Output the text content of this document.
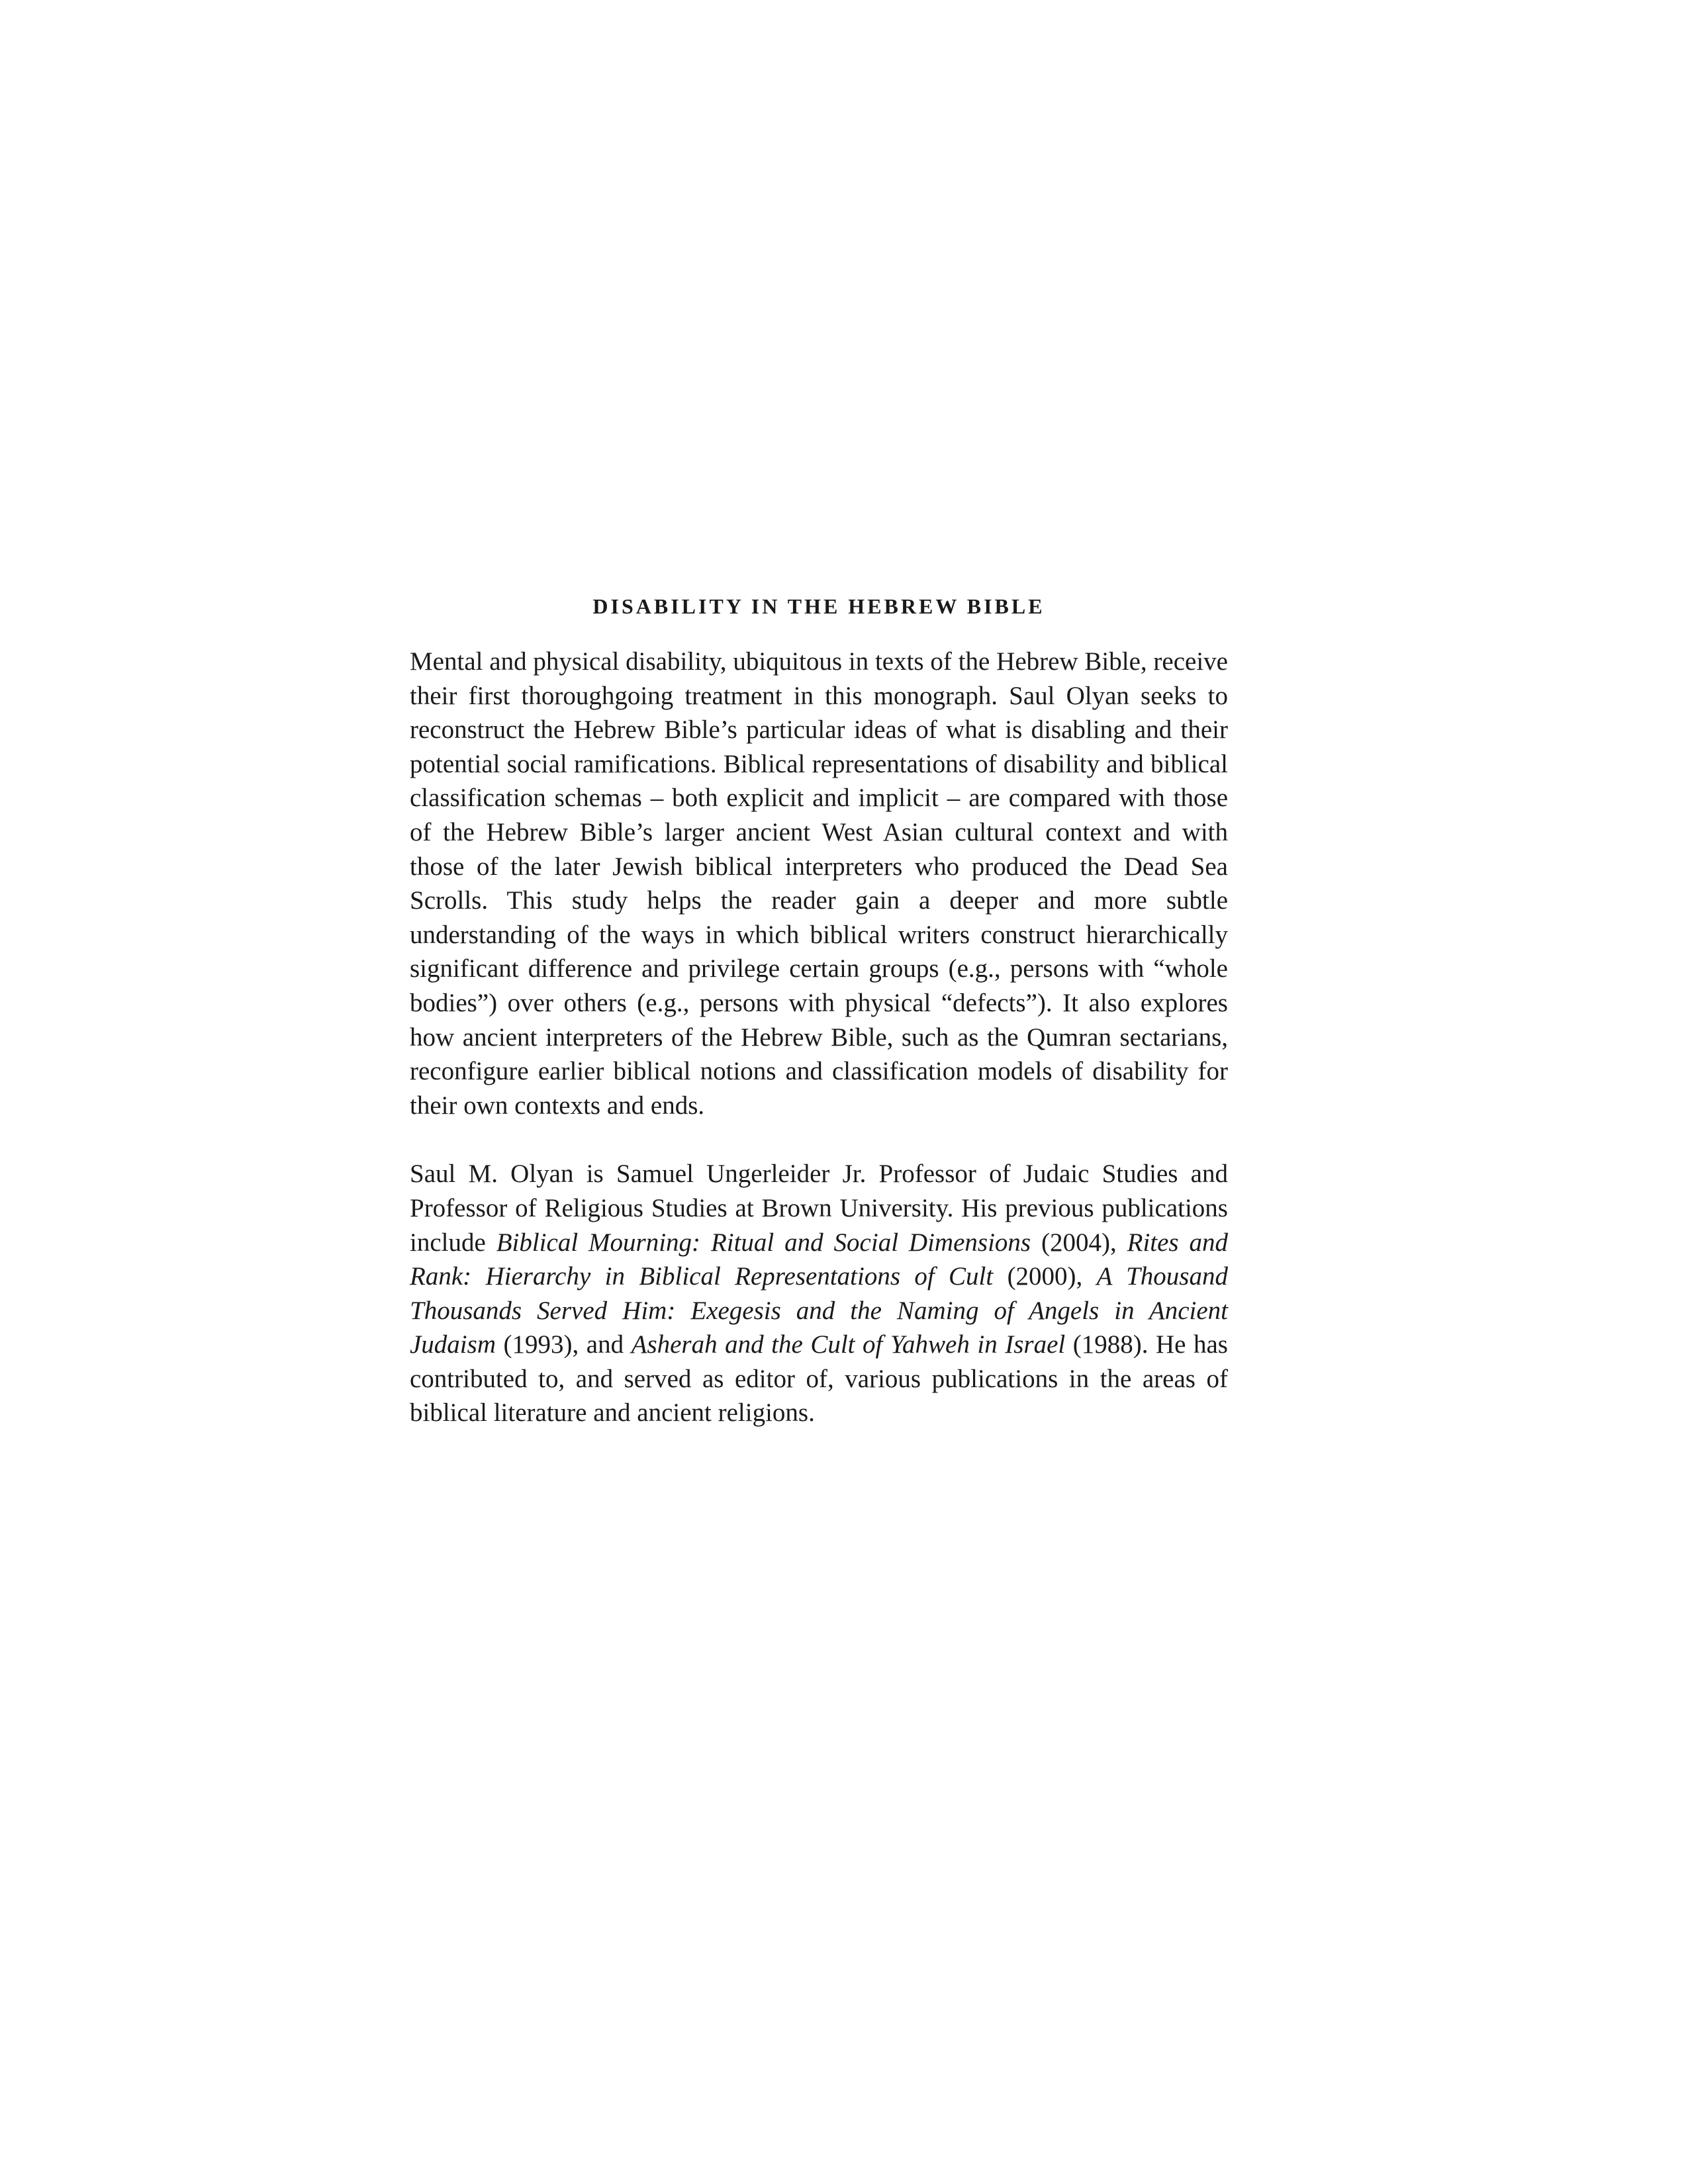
DISABILITY IN THE HEBREW BIBLE

Mental and physical disability, ubiquitous in texts of the Hebrew Bible, receive their first thoroughgoing treatment in this monograph. Saul Olyan seeks to reconstruct the Hebrew Bible’s particular ideas of what is disabling and their potential social ramifications. Biblical representations of disability and biblical classification schemas – both explicit and implicit – are compared with those of the Hebrew Bible’s larger ancient West Asian cultural context and with those of the later Jewish biblical interpreters who produced the Dead Sea Scrolls. This study helps the reader gain a deeper and more subtle understanding of the ways in which biblical writers construct hierarchically significant difference and privilege certain groups (e.g., persons with “whole bodies”) over others (e.g., persons with physical “defects”). It also explores how ancient interpreters of the Hebrew Bible, such as the Qumran sectarians, reconfigure earlier biblical notions and classification models of disability for their own contexts and ends.

Saul M. Olyan is Samuel Ungerleider Jr. Professor of Judaic Studies and Professor of Religious Studies at Brown University. His previous publications include Biblical Mourning: Ritual and Social Dimensions (2004), Rites and Rank: Hierarchy in Biblical Representations of Cult (2000), A Thousand Thousands Served Him: Exegesis and the Naming of Angels in Ancient Judaism (1993), and Asherah and the Cult of Yahweh in Israel (1988). He has contributed to, and served as editor of, various publications in the areas of biblical literature and ancient religions.
